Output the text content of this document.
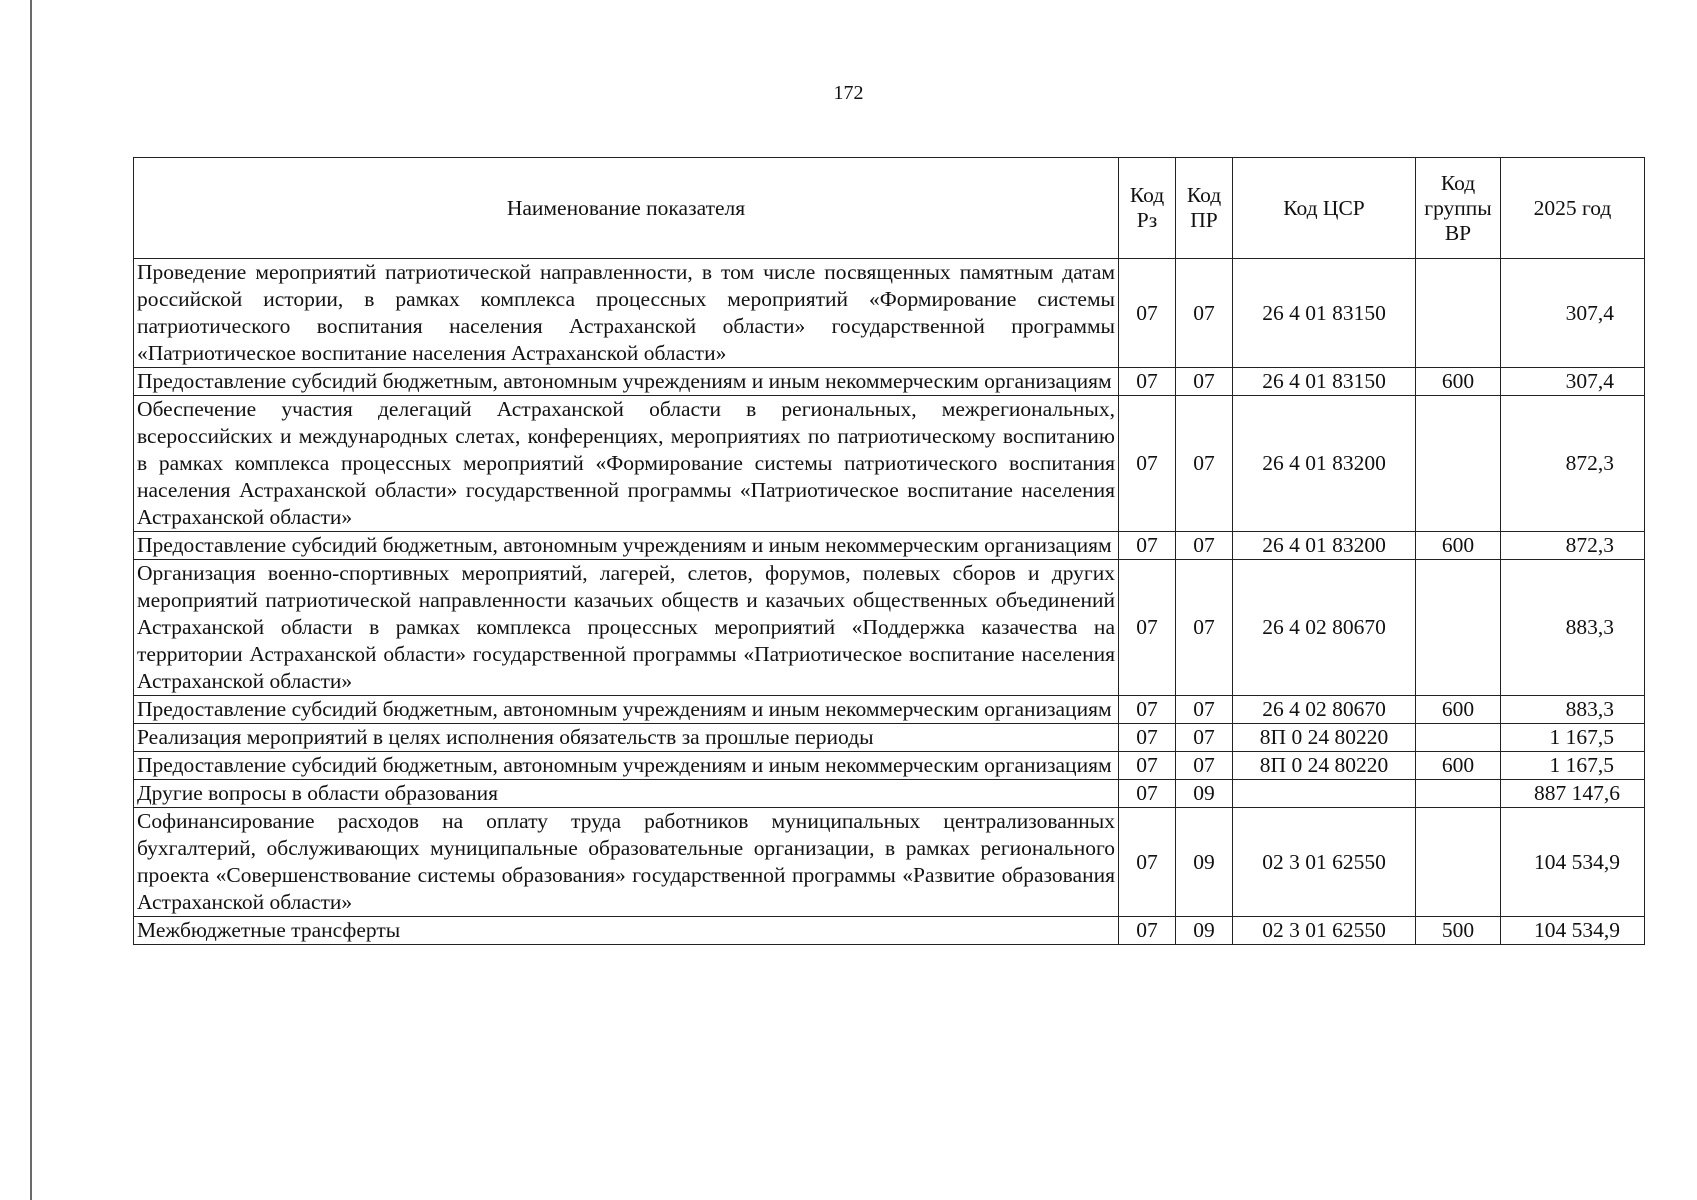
172
Наименование показателя	Код Рз	Код ПР	Код ЦСР	Код группы ВР	2025 год
Проведение мероприятий патриотической направленности, в том числе посвященных памятным датам российской истории, в рамках комплекса процессных мероприятий «Формирование системы патриотического воспитания населения Астраханской области» государственной программы «Патриотическое воспитание населения Астраханской области»	07	07	26 4 01 83150		307,4
Предоставление субсидий бюджетным, автономным учреждениям и иным некоммерческим организациям	07	07	26 4 01 83150	600	307,4
Обеспечение участия делегаций Астраханской области в региональных, межрегиональных, всероссийских и международных слетах, конференциях, мероприятиях по патриотическому воспитанию в рамках комплекса процессных мероприятий «Формирование системы патриотического воспитания населения Астраханской области» государственной программы «Патриотическое воспитание населения Астраханской области»	07	07	26 4 01 83200		872,3
Предоставление субсидий бюджетным, автономным учреждениям и иным некоммерческим организациям	07	07	26 4 01 83200	600	872,3
Организация военно-спортивных мероприятий, лагерей, слетов, форумов, полевых сборов и других мероприятий патриотической направленности казачьих обществ и казачьих общественных объединений Астраханской области в рамках комплекса процессных мероприятий «Поддержка казачества на территории Астраханской области» государственной программы «Патриотическое воспитание населения Астраханской области»	07	07	26 4 02 80670		883,3
Предоставление субсидий бюджетным, автономным учреждениям и иным некоммерческим организациям	07	07	26 4 02 80670	600	883,3
Реализация мероприятий в целях исполнения обязательств за прошлые периоды	07	07	8П 0 24 80220		1 167,5
Предоставление субсидий бюджетным, автономным учреждениям и иным некоммерческим организациям	07	07	8П 0 24 80220	600	1 167,5
Другие вопросы в области образования	07	09			887 147,6
Софинансирование расходов на оплату труда работников муниципальных централизованных бухгалтерий, обслуживающих муниципальные образовательные организации, в рамках регионального проекта «Совершенствование системы образования» государственной программы «Развитие образования Астраханской области»	07	09	02 3 01 62550		104 534,9
Межбюджетные трансферты	07	09	02 3 01 62550	500	104 534,9
